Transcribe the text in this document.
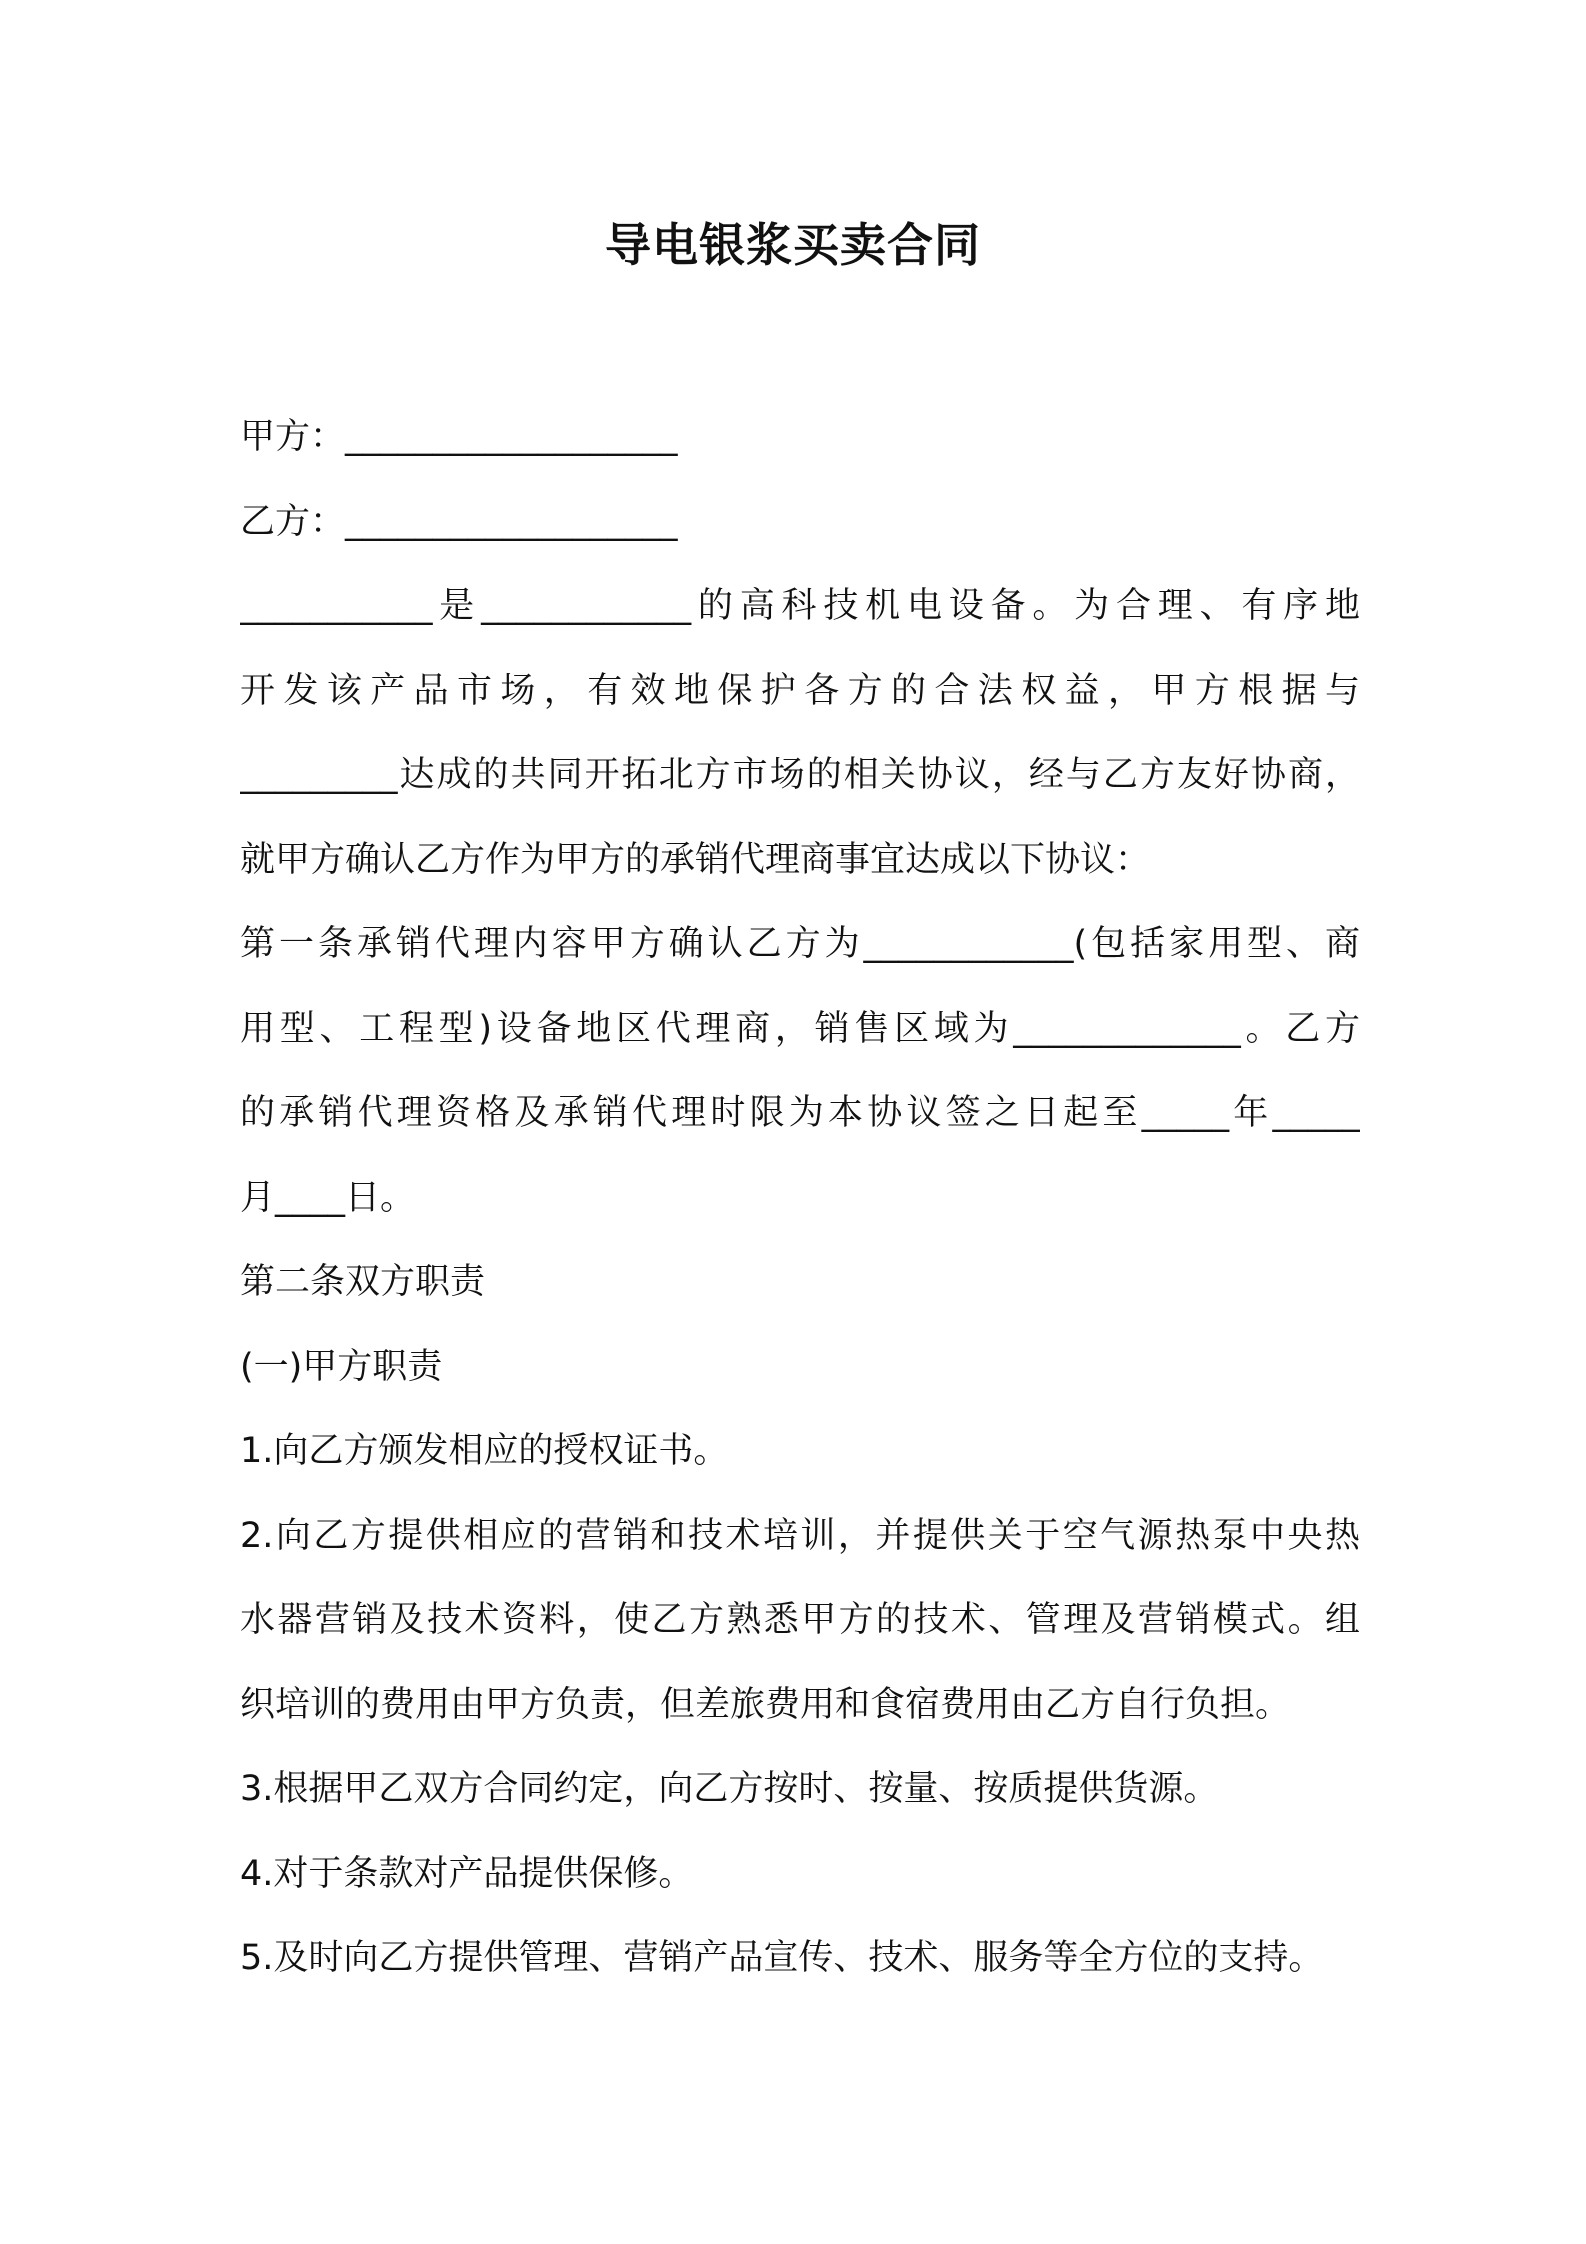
导电银浆买卖合同
甲方：___________________
乙方：___________________
___________是____________的高科技机电设备。为合理、有序地
开发该产品市场，有效地保护各方的合法权益，甲方根据与
_________达成的共同开拓北方市场的相关协议，经与乙方友好协商，
就甲方确认乙方作为甲方的承销代理商事宜达成以下协议：
第一条承销代理内容甲方确认乙方为____________(包括家用型、商
用型、工程型)设备地区代理商，销售区域为_____________。乙方
的承销代理资格及承销代理时限为本协议签之日起至_____年_____
月____日。
第二条双方职责
(一)甲方职责
1.向乙方颁发相应的授权证书。
2.向乙方提供相应的营销和技术培训，并提供关于空气源热泵中央热
水器营销及技术资料，使乙方熟悉甲方的技术、管理及营销模式。组
织培训的费用由甲方负责，但差旅费用和食宿费用由乙方自行负担。
3.根据甲乙双方合同约定，向乙方按时、按量、按质提供货源。
4.对于条款对产品提供保修。
5.及时向乙方提供管理、营销产品宣传、技术、服务等全方位的支持。
